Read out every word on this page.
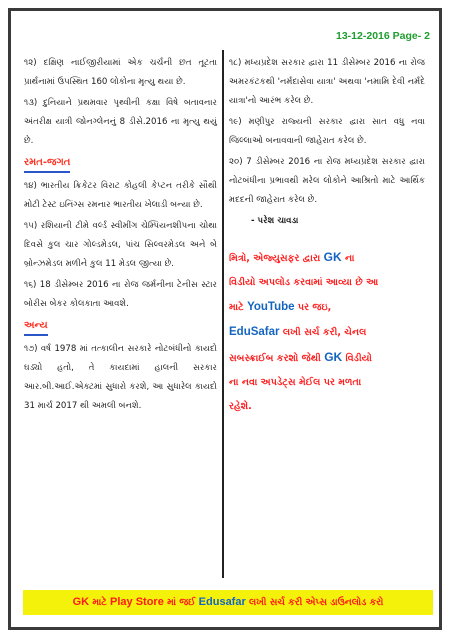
13-12-2016 Page- 2

૧૨) દક્ષિણ નાઈજીરીયામાં એક ચર્ચની છત તૂટતા પ્રાર્થનામાં ઉપસ્થિત 160 લોકોના મૃત્યુ થયા છે.

૧૩) દુનિયાને પ્રથમવાર પૃથ્વીની કક્ષા વિષે બતાવનાર અંતરીક્ષ યાત્રી જોનગ્લેનનું 8 ડીસે.2016 ના મૃત્યુ થયું છે.

રમત-જગત

૧૪) ભારતીય ક્રિકેટર વિરાટ કોહલી કેપ્ટન તરીકે સૌથી મોટી ટેસ્ટ ઇનિંગ્સ રમનાર ભારતીય ખેલાડી બન્યા છે.

૧૫) રશિયાની ટીમે વર્લ્ડ સ્વીમીંગ ચેમ્પિયનશીપના ચોથા દિવસે કુલ ચાર ગોલ્ડમેડલ, પાંચ સિલ્વરમેડલ અને બે બ્રોન્ઝમેડલ મળીને કુલ 11 મેડલ જીત્યા છે.

૧૬) 18 ડીસેમ્બર 2016 ના રોજ જર્મનીના ટેનીસ સ્ટાર બોરીસ બેકર કોલકાતા આવશે.

અન્ય

૧૭) વર્ષ 1978 માં તત્કાલીન સરકારે નોટબંધીનો કાયદો ઘડ્યો હતો, તે કાયદામાં હાલની સરકાર આર.બી.આઈ.એક્ટમાં સુધારો કરશે, આ સુધારેલ કાયદો 31 માર્ચ 2017 થી અમલી બનશે.

૧૮) મધ્યપ્રદેશ સરકાર દ્વારા 11 ડીસેમ્બર 2016 ના રોજ અમરકંટકથી 'નર્મદાસેવા યાત્રા' અથવા 'નમામિ દેવી નર્મદે યાત્રા'નો આરંભ કરેલ છે.

૧૯) મણીપુર રાજ્યની સરકાર દ્વારા સાત વધુ નવા જિલ્લાઓ બનાવવાની જાહેરાત કરેલ છે.

૨૦) 7 ડીસેમ્બર 2016 ના રોજ મધ્યપ્રદેશ સરકાર દ્વારા નોટબંધીના પ્રભાવથી મરેલ લોકોને આશ્રિતો માટે આર્થિક મદદની જાહેરાત કરેલ છે.

- પરેશ ચાવડા
મિત્રો, એજ્યુસફર દ્વારા GK ના
વિડીયો અપલોડ કરવામાં આવ્યા છે આ
માટે YouTube પર જઇ,
EduSafar લખી સર્ચ કરી, ચેનલ
સબસ્ક્રાઈબ કરશો જેથી GK વિડીયો
ના નવા અપડેટ્સ મેઈલ પર મળતા
રહેશે.
GK માટે Play Store માં જઈ Edusafar લખી સર્ચ કરી એપ્સ ડાઉનલોડ કરો
